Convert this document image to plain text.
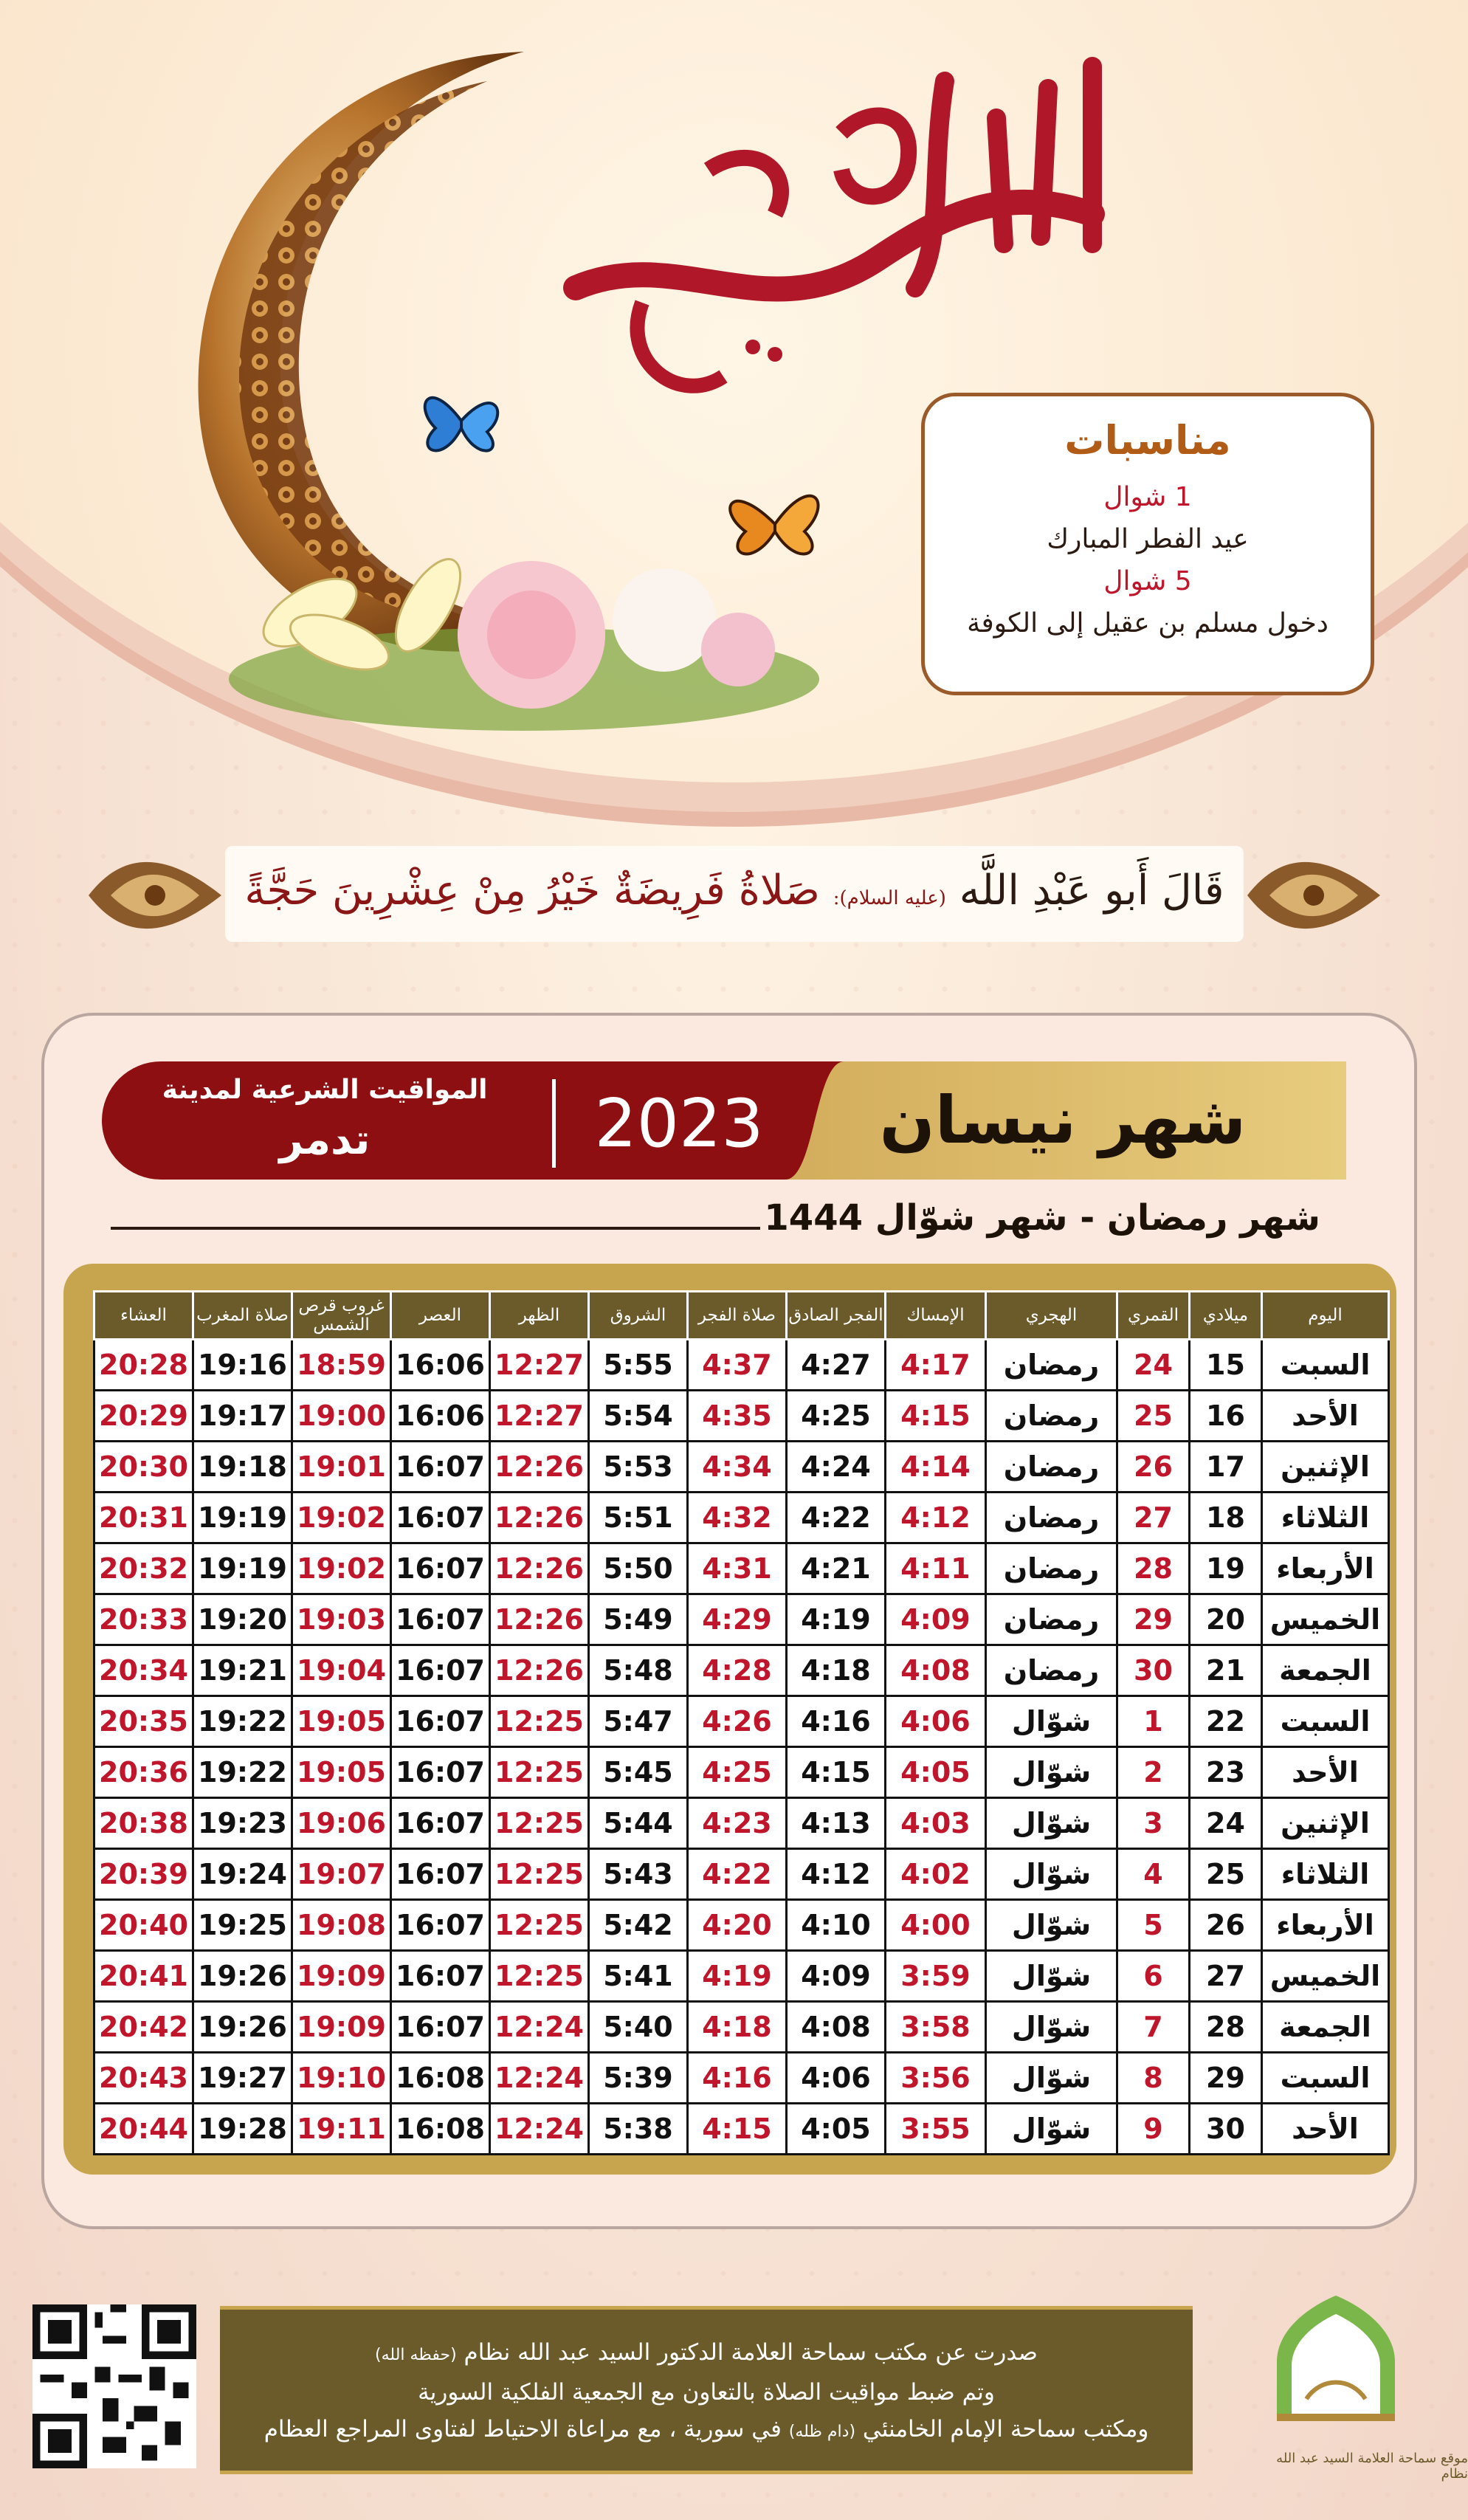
مناسبات
1 شوال
عيد الفطر المبارك
5 شوال
دخول مسلم بن عقيل إلى الكوفة
قَالَ أَبو عَبْدِ اللَّه (عليه السلام): صَلاةُ فَرِيضَةٌ خَيْرُ مِنْ عِشْرِينَ حَجَّةً
شهر نيسان
2023
المواقيت الشرعية لمدينة
تدمر
شهر رمضان - شهر شوّال 1444
اليوم	ميلادي	القمري	الهجري	الإمساك	الفجر الصادق	صلاة الفجر	الشروق	الظهر	العصر	غروب قرص الشمس	صلاة المغرب	العشاء
السبت	15	24	رمضان	4:17	4:27	4:37	5:55	12:27	16:06	18:59	19:16	20:28
الأحد	16	25	رمضان	4:15	4:25	4:35	5:54	12:27	16:06	19:00	19:17	20:29
الإثنين	17	26	رمضان	4:14	4:24	4:34	5:53	12:26	16:07	19:01	19:18	20:30
الثلاثاء	18	27	رمضان	4:12	4:22	4:32	5:51	12:26	16:07	19:02	19:19	20:31
الأربعاء	19	28	رمضان	4:11	4:21	4:31	5:50	12:26	16:07	19:02	19:19	20:32
الخميس	20	29	رمضان	4:09	4:19	4:29	5:49	12:26	16:07	19:03	19:20	20:33
الجمعة	21	30	رمضان	4:08	4:18	4:28	5:48	12:26	16:07	19:04	19:21	20:34
السبت	22	1	شوّال	4:06	4:16	4:26	5:47	12:25	16:07	19:05	19:22	20:35
الأحد	23	2	شوّال	4:05	4:15	4:25	5:45	12:25	16:07	19:05	19:22	20:36
الإثنين	24	3	شوّال	4:03	4:13	4:23	5:44	12:25	16:07	19:06	19:23	20:38
الثلاثاء	25	4	شوّال	4:02	4:12	4:22	5:43	12:25	16:07	19:07	19:24	20:39
الأربعاء	26	5	شوّال	4:00	4:10	4:20	5:42	12:25	16:07	19:08	19:25	20:40
الخميس	27	6	شوّال	3:59	4:09	4:19	5:41	12:25	16:07	19:09	19:26	20:41
الجمعة	28	7	شوّال	3:58	4:08	4:18	5:40	12:24	16:07	19:09	19:26	20:42
السبت	29	8	شوّال	3:56	4:06	4:16	5:39	12:24	16:08	19:10	19:27	20:43
الأحد	30	9	شوّال	3:55	4:05	4:15	5:38	12:24	16:08	19:11	19:28	20:44
صدرت عن مكتب سماحة العلامة الدكتور السيد عبد الله نظام (حفظه الله)
وتم ضبط مواقيت الصلاة بالتعاون مع الجمعية الفلكية السورية
ومكتب سماحة الإمام الخامنئي (دام ظله) في سورية ، مع مراعاة الاحتياط لفتاوى المراجع العظام
موقع سماحة العلامة السيد عبد الله نظام
